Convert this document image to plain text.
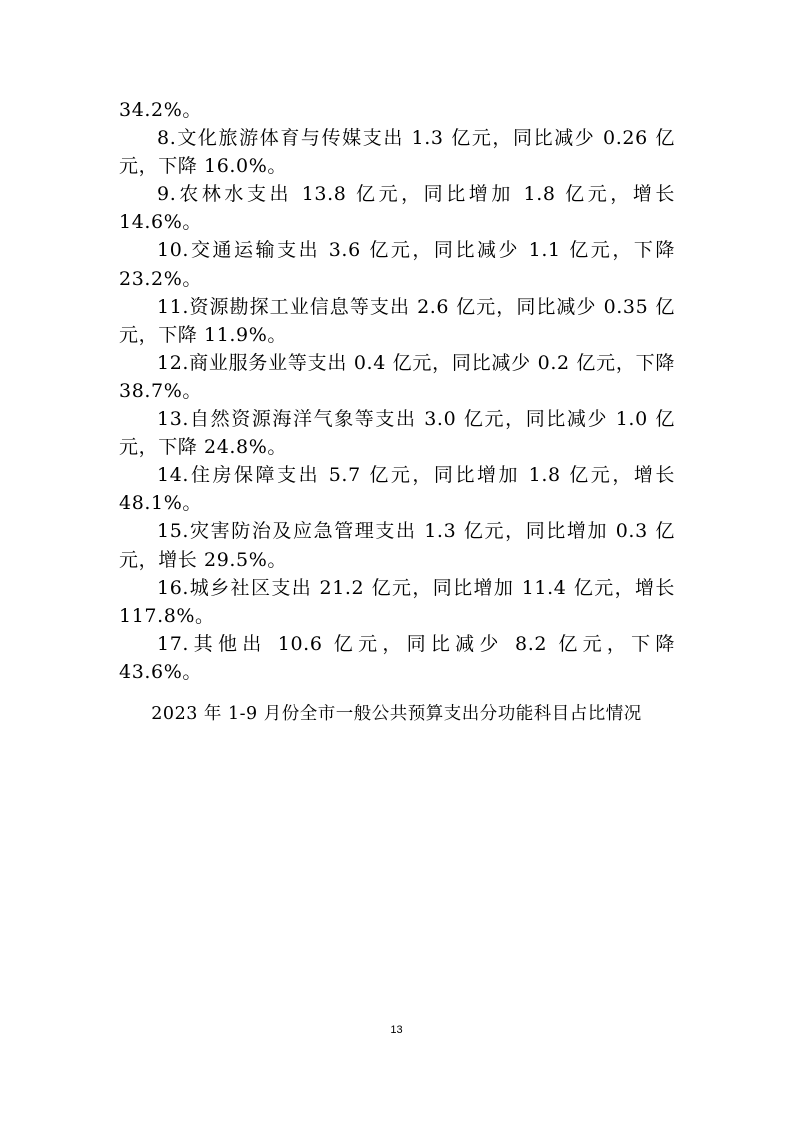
34.2%。

8.文化旅游体育与传媒支出 1.3 亿元，同比减少 0.26 亿元，下降 16.0%。

9.农林水支出 13.8 亿元，同比增加 1.8 亿元，增长 14.6%。

10.交通运输支出 3.6 亿元，同比减少 1.1 亿元，下降 23.2%。

11.资源勘探工业信息等支出 2.6 亿元，同比减少 0.35 亿元，下降 11.9%。

12.商业服务业等支出 0.4 亿元，同比减少 0.2 亿元，下降 38.7%。

13.自然资源海洋气象等支出 3.0 亿元，同比减少 1.0 亿元，下降 24.8%。

14.住房保障支出 5.7 亿元，同比增加 1.8 亿元，增长 48.1%。

15.灾害防治及应急管理支出 1.3 亿元，同比增加 0.3 亿元，增长 29.5%。

16.城乡社区支出 21.2 亿元，同比增加 11.4 亿元，增长 117.8%。

17.其他出 10.6 亿元，同比减少 8.2 亿元，下降 43.6%。

2023 年 1-9 月份全市一般公共预算支出分功能科目占比情况
13
